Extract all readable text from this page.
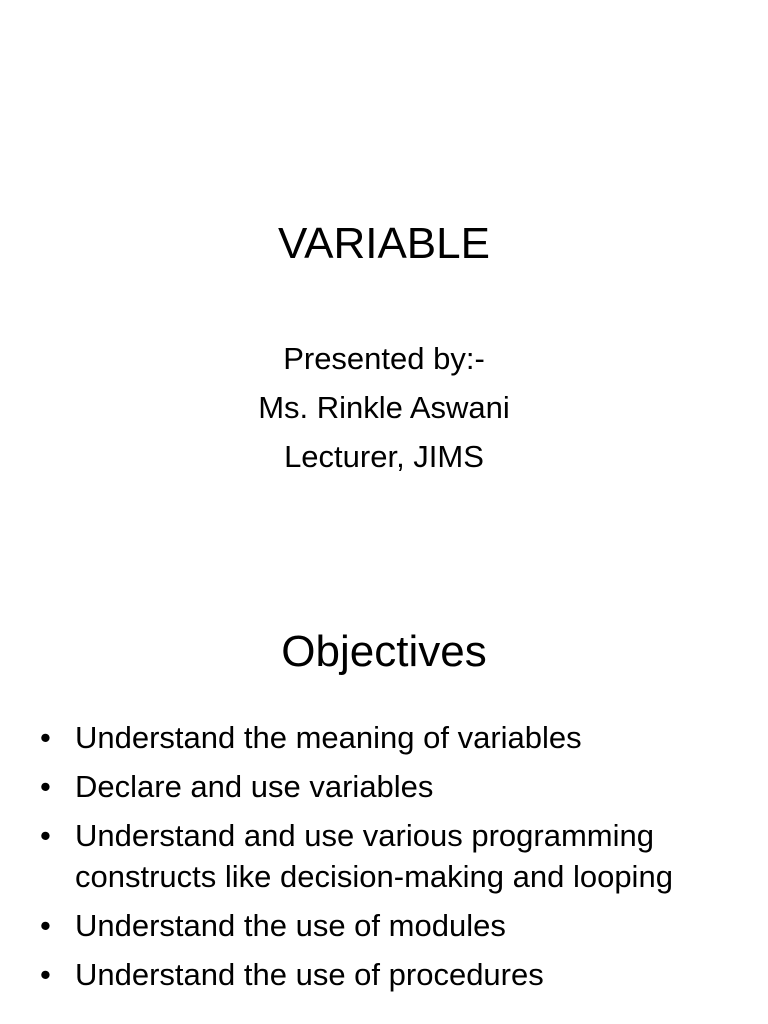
VARIABLE
Presented by:-
Ms. Rinkle Aswani
Lecturer, JIMS
Objectives
• Understand the meaning of variables
• Declare and use variables
• Understand and use various programming constructs like decision-making and looping
• Understand the use of modules
• Understand the use of procedures
